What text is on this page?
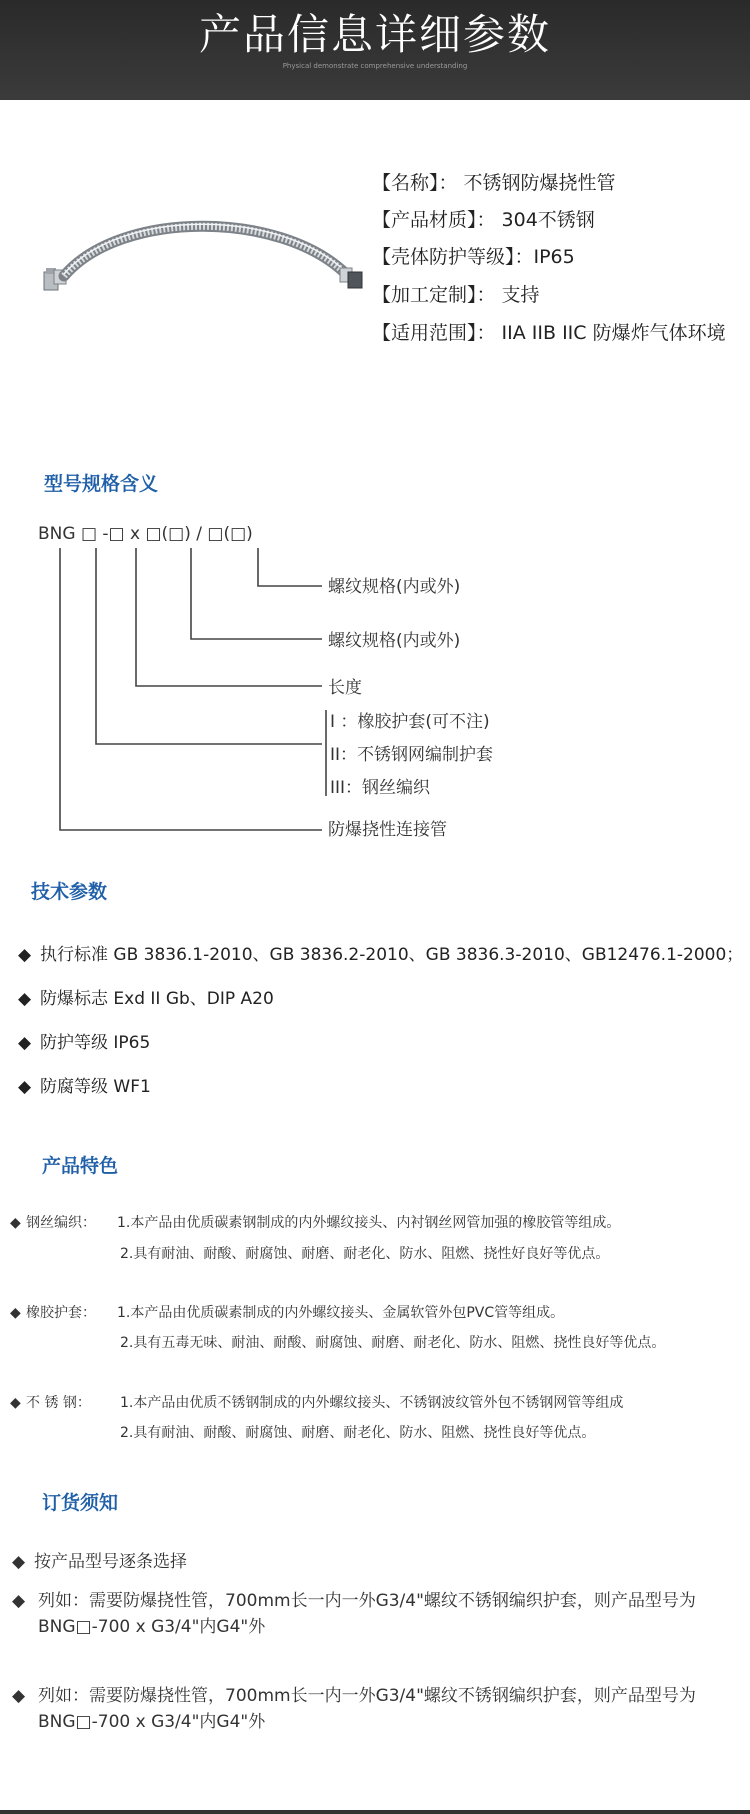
产品信息详细参数
Physical demonstrate comprehensive understanding
【名称】： 不锈钢防爆挠性管
【产品材质】： 304不锈钢
【壳体防护等级】：IP65
【加工定制】： 支持
【适用范围】： IIA IIB IIC 防爆炸气体环境
型号规格含义
BNG □ -□ x □(□) / □(□)
螺纹规格(内或外)
螺纹规格(内或外)
长度
I ：橡胶护套(可不注)
II：不锈钢网编制护套
III：钢丝编织
防爆挠性连接管
技术参数
◆ 执行标准 GB 3836.1-2010、GB 3836.2-2010、GB 3836.3-2010、GB12476.1-2000；
◆ 防爆标志 Exd II Gb、DIP A20
◆ 防护等级 IP65
◆ 防腐等级 WF1
产品特色
◆ 钢丝编织： 1.本产品由优质碳素钢制成的内外螺纹接头、内衬钢丝网管加强的橡胶管等组成。
2.具有耐油、耐酸、耐腐蚀、耐磨、耐老化、防水、阻燃、挠性好良好等优点。
◆ 橡胶护套： 1.本产品由优质碳素制成的内外螺纹接头、金属软管外包PVC管等组成。
2.具有五毒无味、耐油、耐酸、耐腐蚀、耐磨、耐老化、防水、阻燃、挠性良好等优点。
◆ 不 锈 钢： 1.本产品由优质不锈钢制成的内外螺纹接头、不锈钢波纹管外包不锈钢网管等组成
2.具有耐油、耐酸、耐腐蚀、耐磨、耐老化、防水、阻燃、挠性良好等优点。
订货须知
◆ 按产品型号逐条选择
◆ 列如：需要防爆挠性管，700mm长一内一外G3/4"螺纹不锈钢编织护套，则产品型号为BNG□-700 x G3/4"内G4"外
◆ 列如：需要防爆挠性管，700mm长一内一外G3/4"螺纹不锈钢编织护套，则产品型号为BNG□-700 x G3/4"内G4"外
